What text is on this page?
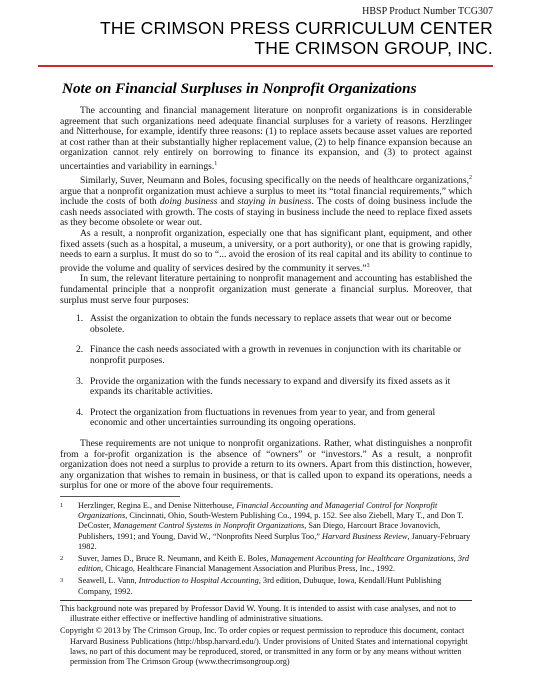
HBSP Product Number TCG307
THE CRIMSON PRESS CURRICULUM CENTER
THE CRIMSON GROUP, INC.
Note on Financial Surpluses in Nonprofit Organizations

The accounting and financial management literature on nonprofit organizations is in considerable agreement that such organizations need adequate financial surpluses for a variety of reasons. Herzlinger and Nitterhouse, for example, identify three reasons: (1) to replace assets because asset values are reported at cost rather than at their substantially higher replacement value, (2) to help finance expansion because an organization cannot rely entirely on borrowing to finance its expansion, and (3) to protect against uncertainties and variability in earnings.$^1$

Similarly, Suver, Neumann and Boles, focusing specifically on the needs of healthcare organizations,$^2$ argue that a nonprofit organization must achieve a surplus to meet its “total financial requirements,” which include the costs of both doing business and staying in business. The costs of doing business include the cash needs associated with growth. The costs of staying in business include the need to replace fixed assets as they become obsolete or wear out.

As a result, a nonprofit organization, especially one that has significant plant, equipment, and other fixed assets (such as a hospital, a museum, a university, or a port authority), or one that is growing rapidly, needs to earn a surplus. It must do so to “... avoid the erosion of its real capital and its ability to continue to provide the volume and quality of services desired by the community it serves.”$^3$

In sum, the relevant literature pertaining to nonprofit management and accounting has established the fundamental principle that a nonprofit organization must generate a financial surplus. Moreover, that surplus must serve four purposes:

1. Assist the organization to obtain the funds necessary to replace assets that wear out or become obsolete.
2. Finance the cash needs associated with a growth in revenues in conjunction with its charitable or nonprofit purposes.
3. Provide the organization with the funds necessary to expand and diversify its fixed assets as it expands its charitable activities.
4. Protect the organization from fluctuations in revenues from year to year, and from general economic and other uncertainties surrounding its ongoing operations.

These requirements are not unique to nonprofit organizations. Rather, what distinguishes a nonprofit from a for-profit organization is the absence of “owners” or “investors.” As a result, a nonprofit organization does not need a surplus to provide a return to its owners. Apart from this distinction, however, any organization that wishes to remain in business, or that is called upon to expand its operations, needs a surplus for one or more of the above four requirements.

1	Herzlinger, Regina E., and Denise Nitterhouse, Financial Accounting and Managerial Control for Nonprofit Organizations, Cincinnati, Ohio, South-Western Publishing Co., 1994, p. 152. See also Ziebell, Mary T., and Don T. DeCoster, Management Control Systems in Nonprofit Organizations, San Diego, Harcourt Brace Jovanovich, Publishers, 1991; and Young, David W., “Nonprofits Need Surplus Too,” Harvard Business Review, January-February 1982.
2	Suver, James D., Bruce R. Neumann, and Keith E. Boles, Management Accounting for Healthcare Organizations, 3rd edition, Chicago, Healthcare Financial Management Association and Pluribus Press, Inc., 1992.
3	Seawell, L. Vann, Introduction to Hospital Accounting, 3rd edition, Dubuque, Iowa, Kendall/Hunt Publishing Company, 1992.

This background note was prepared by Professor David W. Young. It is intended to assist with case analyses, and not to illustrate either effective or ineffective handling of administrative situations.

Copyright © 2013 by The Crimson Group, Inc. To order copies or request permission to reproduce this document, contact Harvard Business Publications (http://hbsp.harvard.edu/). Under provisions of United States and international copyright laws, no part of this document may be reproduced, stored, or transmitted in any form or by any means without written permission from The Crimson Group (www.thecrimsongroup.org)
